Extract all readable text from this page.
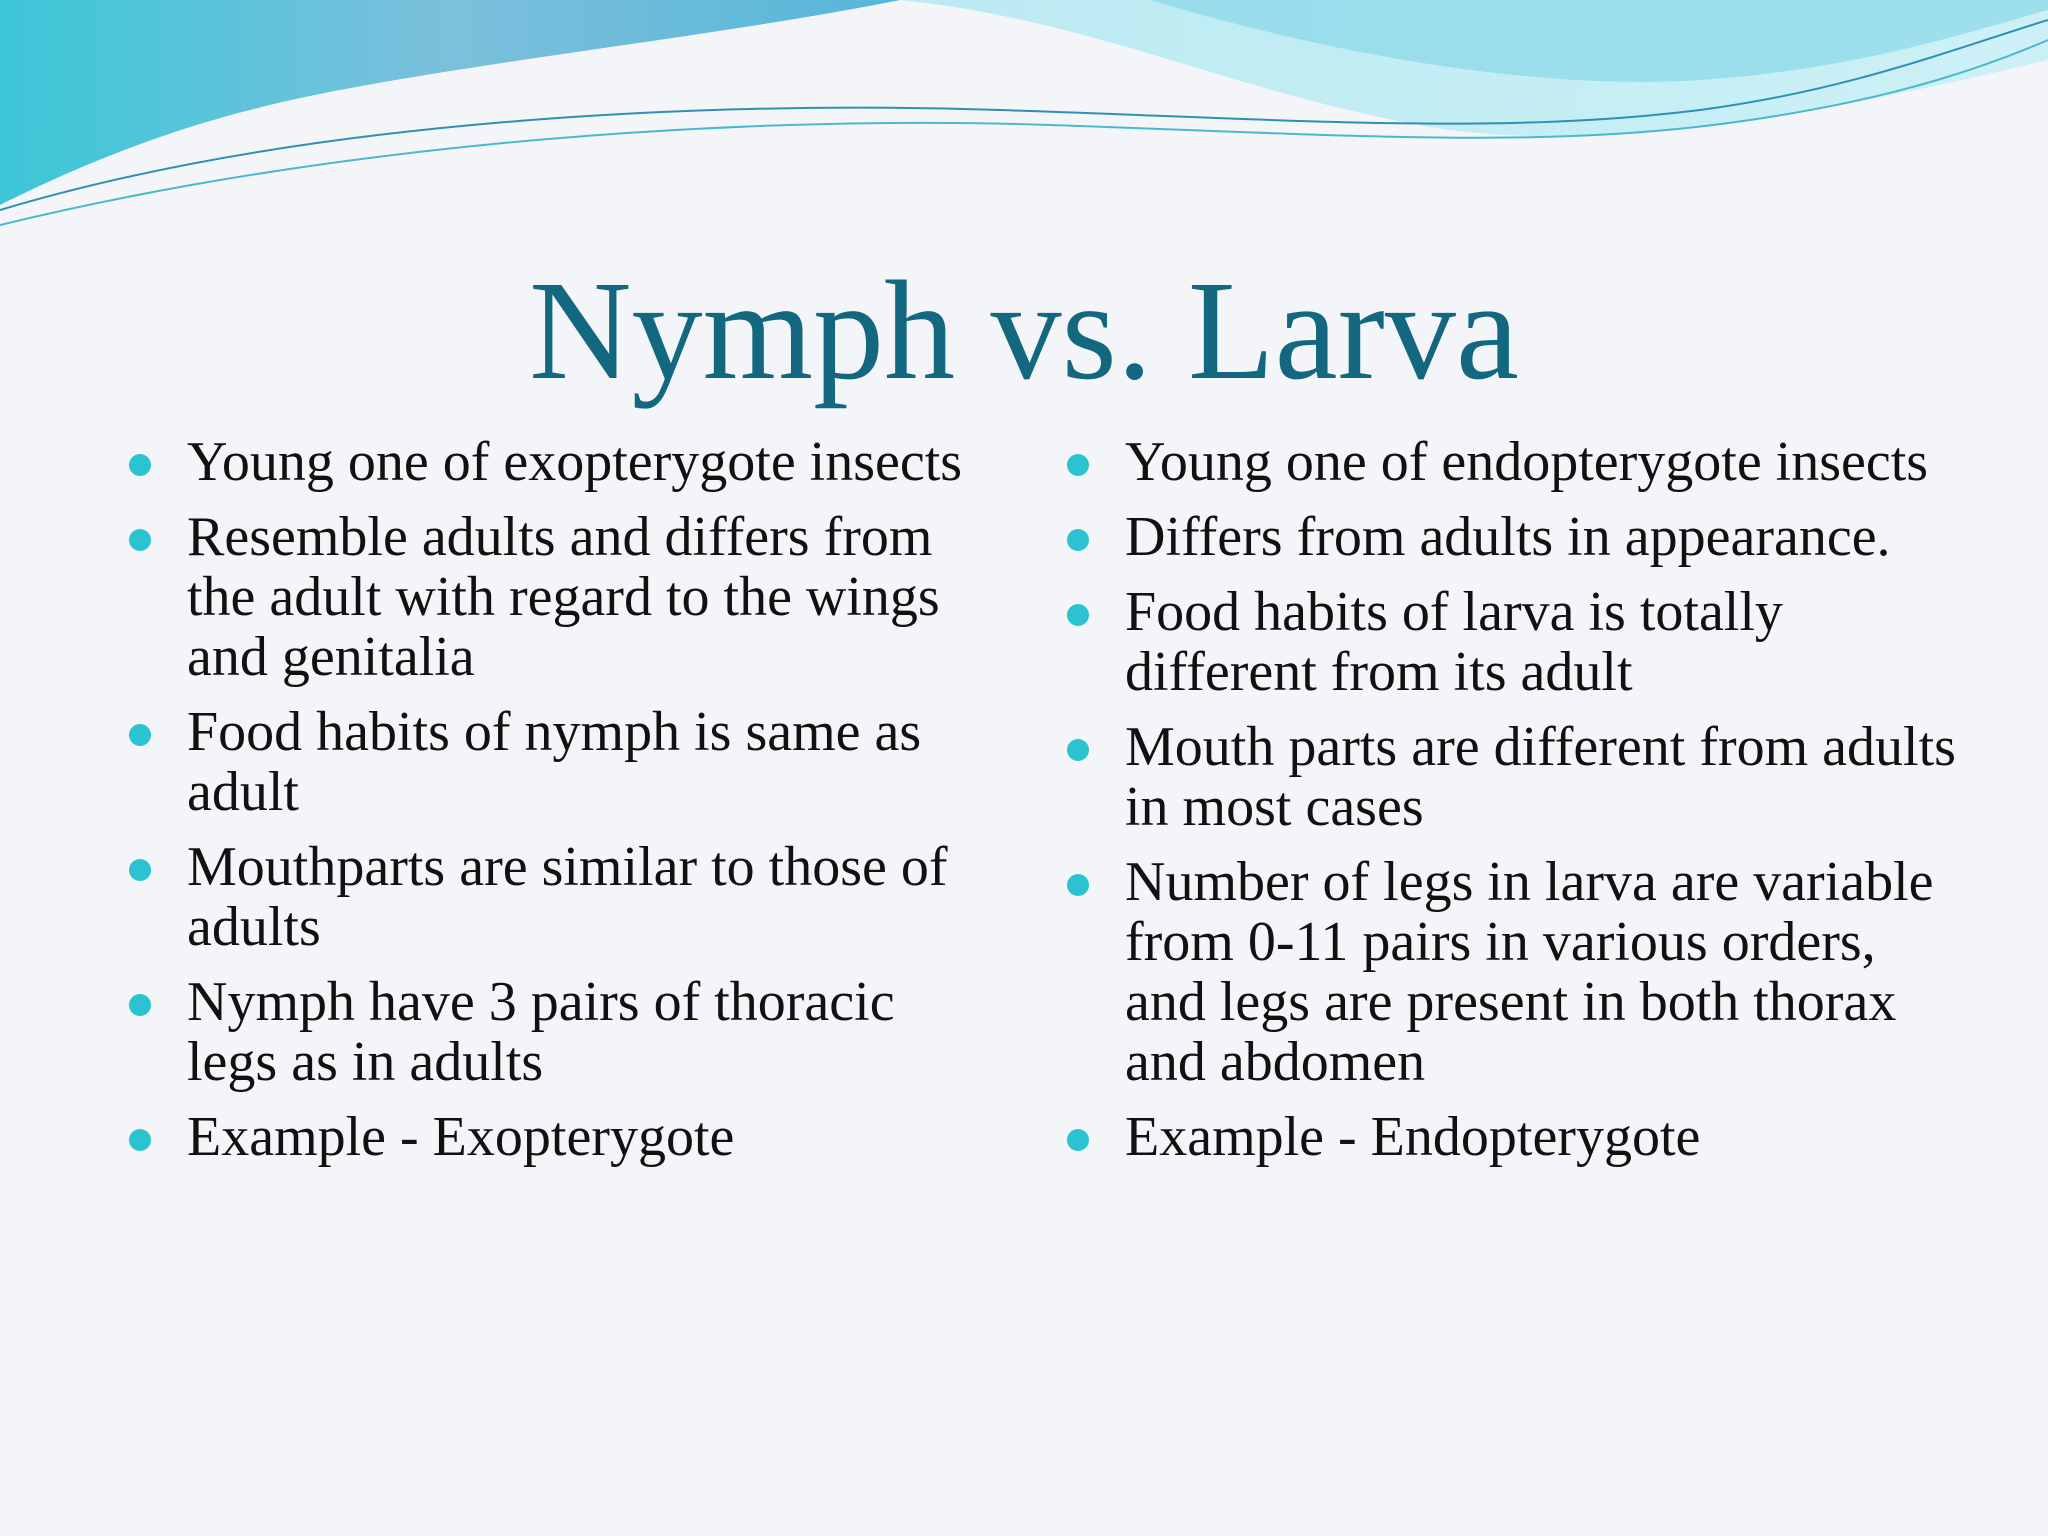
Nymph vs. Larva
Young one of exopterygote insects
Resemble adults and differs from the adult with regard to the wings and genitalia
Food habits of nymph is same as adult
Mouthparts are similar to those of adults
Nymph have 3 pairs of thoracic legs as in adults
Example - Exopterygote
Young one of endopterygote insects
Differs from adults in appearance.
Food habits of larva is totally different from its adult
Mouth parts are different from adults in most cases
Number of legs in larva are variable from 0-11 pairs in various orders, and legs are present in both thorax and abdomen
Example - Endopterygote
